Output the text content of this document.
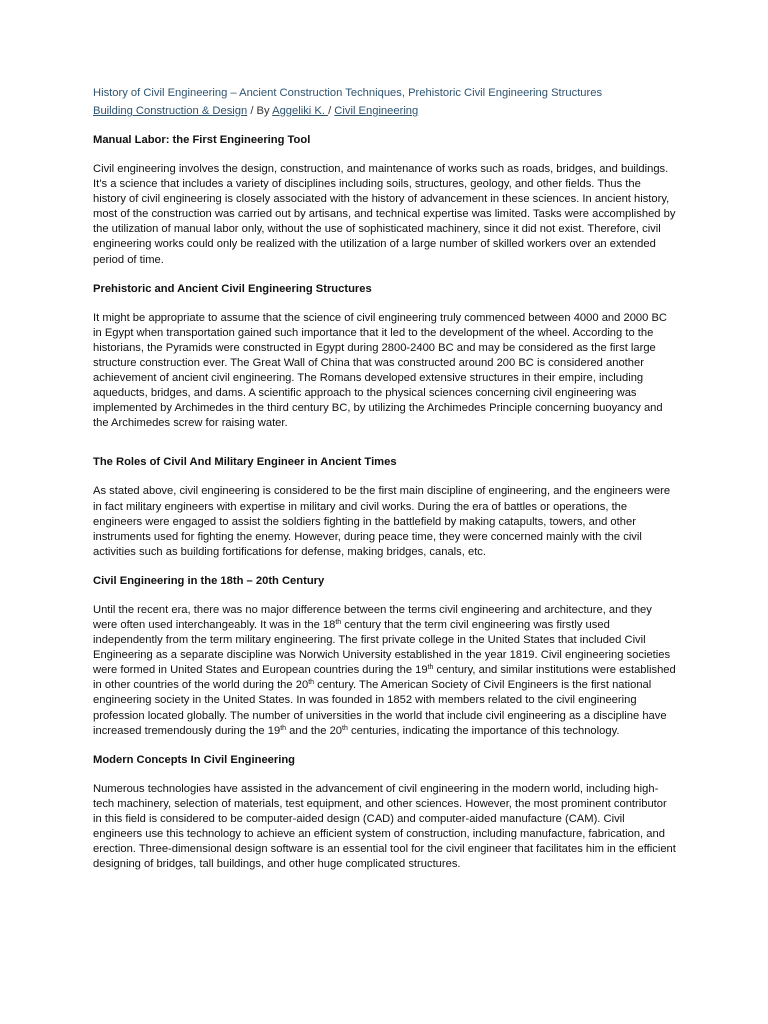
History of Civil Engineering – Ancient Construction Techniques, Prehistoric Civil Engineering Structures

Building Construction & Design / By Aggeliki K. / Civil Engineering

Manual Labor: the First Engineering Tool

Civil engineering involves the design, construction, and maintenance of works such as roads, bridges, and buildings. It’s a science that includes a variety of disciplines including soils, structures, geology, and other fields. Thus the history of civil engineering is closely associated with the history of advancement in these sciences. In ancient history, most of the construction was carried out by artisans, and technical expertise was limited. Tasks were accomplished by the utilization of manual labor only, without the use of sophisticated machinery, since it did not exist. Therefore, civil engineering works could only be realized with the utilization of a large number of skilled workers over an extended period of time.

Prehistoric and Ancient Civil Engineering Structures

It might be appropriate to assume that the science of civil engineering truly commenced between 4000 and 2000 BC in Egypt when transportation gained such importance that it led to the development of the wheel. According to the historians, the Pyramids were constructed in Egypt during 2800-2400 BC and may be considered as the first large structure construction ever. The Great Wall of China that was constructed around 200 BC is considered another achievement of ancient civil engineering. The Romans developed extensive structures in their empire, including aqueducts, bridges, and dams. A scientific approach to the physical sciences concerning civil engineering was implemented by Archimedes in the third century BC, by utilizing the Archimedes Principle concerning buoyancy and the Archimedes screw for raising water.

The Roles of Civil And Military Engineer in Ancient Times

As stated above, civil engineering is considered to be the first main discipline of engineering, and the engineers were in fact military engineers with expertise in military and civil works. During the era of battles or operations, the engineers were engaged to assist the soldiers fighting in the battlefield by making catapults, towers, and other instruments used for fighting the enemy. However, during peace time, they were concerned mainly with the civil activities such as building fortifications for defense, making bridges, canals, etc.

Civil Engineering in the 18th – 20th Century

Until the recent era, there was no major difference between the terms civil engineering and architecture, and they were often used interchangeably. It was in the 18th century that the term civil engineering was firstly used independently from the term military engineering. The first private college in the United States that included Civil Engineering as a separate discipline was Norwich University established in the year 1819. Civil engineering societies were formed in United States and European countries during the 19th century, and similar institutions were established in other countries of the world during the 20th century. The American Society of Civil Engineers is the first national engineering society in the United States. In was founded in 1852 with members related to the civil engineering profession located globally. The number of universities in the world that include civil engineering as a discipline have increased tremendously during the 19th and the 20th centuries, indicating the importance of this technology.

Modern Concepts In Civil Engineering

Numerous technologies have assisted in the advancement of civil engineering in the modern world, including high-tech machinery, selection of materials, test equipment, and other sciences. However, the most prominent contributor in this field is considered to be computer-aided design (CAD) and computer-aided manufacture (CAM). Civil engineers use this technology to achieve an efficient system of construction, including manufacture, fabrication, and erection. Three-dimensional design software is an essential tool for the civil engineer that facilitates him in the efficient designing of bridges, tall buildings, and other huge complicated structures.
